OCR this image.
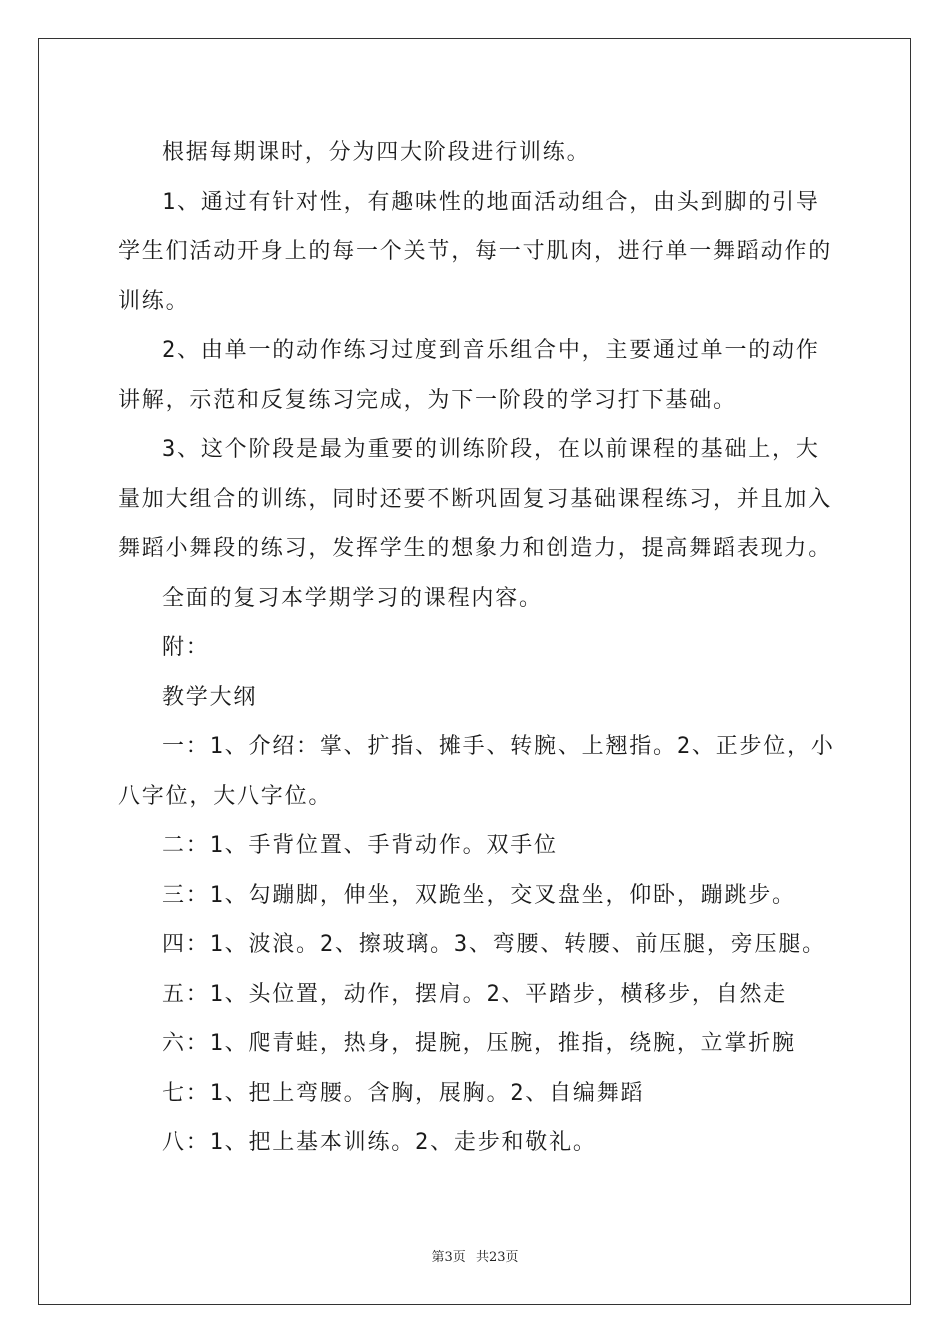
根据每期课时，分为四大阶段进行训练。

1、通过有针对性，有趣味性的地面活动组合，由头到脚的引导学生们活动开身上的每一个关节，每一寸肌肉，进行单一舞蹈动作的训练。

2、由单一的动作练习过度到音乐组合中，主要通过单一的动作讲解，示范和反复练习完成，为下一阶段的学习打下基础。

3、这个阶段是最为重要的训练阶段，在以前课程的基础上，大量加大组合的训练，同时还要不断巩固复习基础课程练习，并且加入舞蹈小舞段的练习，发挥学生的想象力和创造力，提高舞蹈表现力。

全面的复习本学期学习的课程内容。

附：

教学大纲

一：1、介绍：掌、扩指、摊手、转腕、上翘指。2、正步位，小八字位，大八字位。

二：1、手背位置、手背动作。双手位

三：1、勾蹦脚，伸坐，双跪坐，交叉盘坐，仰卧，蹦跳步。

四：1、波浪。2、擦玻璃。3、弯腰、转腰、前压腿，旁压腿。

五：1、头位置，动作，摆肩。2、平踏步，横移步，自然走

六：1、爬青蛙，热身，提腕，压腕，推指，绕腕，立掌折腕

七：1、把上弯腰。含胸，展胸。2、自编舞蹈

八：1、把上基本训练。2、走步和敬礼。

第3页 共23页
